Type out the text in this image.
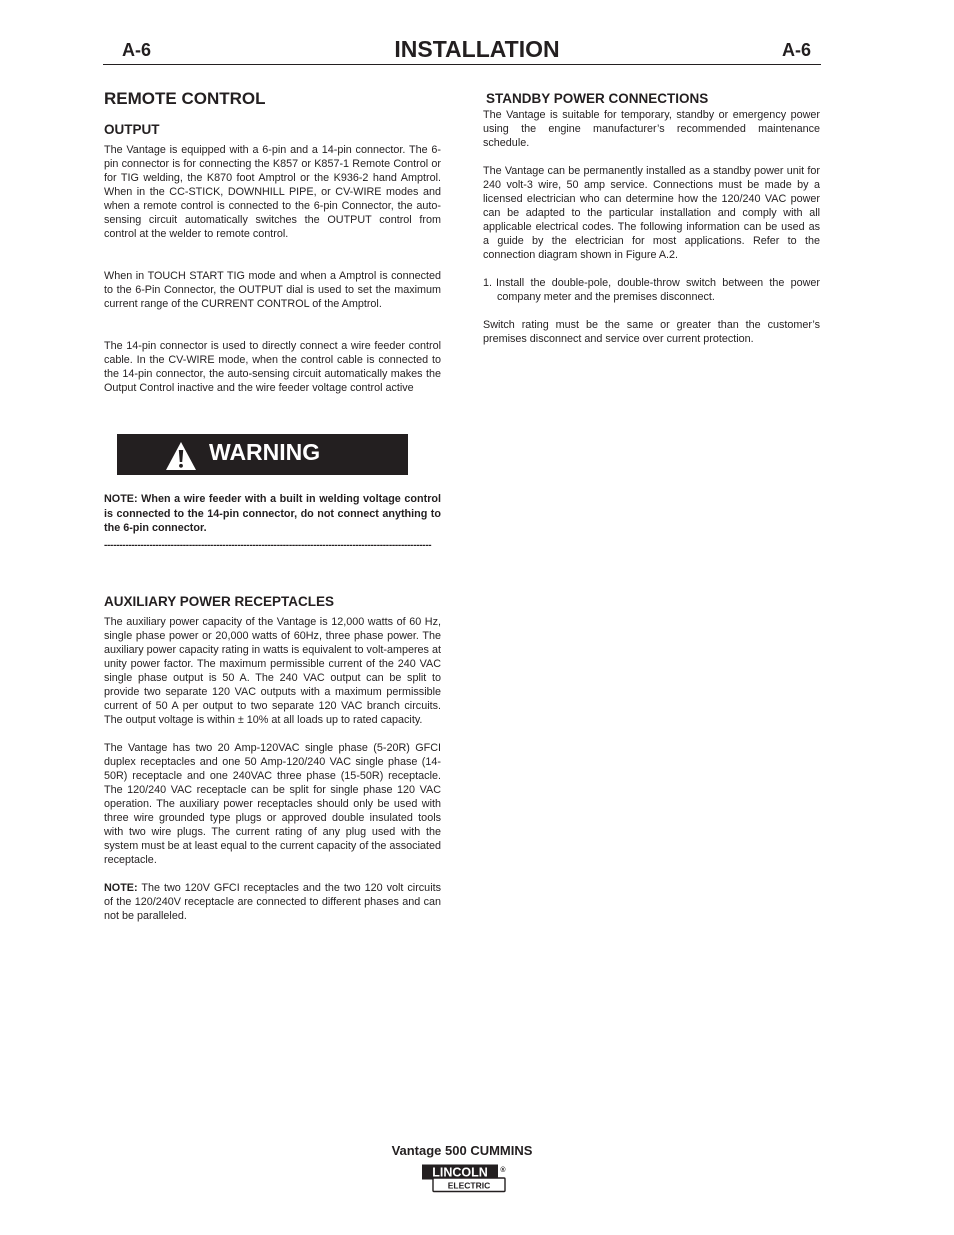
A-6	INSTALLATION	A-6
REMOTE CONTROL
OUTPUT

The Vantage is equipped with a 6-pin and a 14-pin connector. The 6-pin connector is for connecting the K857 or K857-1 Remote Control or for TIG welding, the K870 foot Amptrol or the K936-2 hand Amptrol. When in the CC-STICK, DOWNHILL PIPE, or CV-WIRE modes and when a remote control is connected to the 6-pin Connector, the auto-sensing circuit automatically switches the OUTPUT control from control at the welder to remote control.

When in TOUCH START TIG mode and when a Amptrol is connected to the 6-Pin Connector, the OUTPUT dial is used to set the maximum current range of the CURRENT CONTROL of the Amptrol.

The 14-pin connector is used to directly connect a wire feeder control cable. In the CV-WIRE mode, when the control cable is connected to the 14-pin connector, the auto-sensing circuit automatically makes the Output Control inactive and the wire feeder voltage control active

WARNING

NOTE: When a wire feeder with a built in welding voltage control is connected to the 14-pin connector, do not connect anything to the 6-pin connector.

------------------------------------------------------------------------------------------------------------
AUXILIARY POWER RECEPTACLES

The auxiliary power capacity of the Vantage is 12,000 watts of 60 Hz, single phase power or 20,000 watts of 60Hz, three phase power. The auxiliary power capacity rating in watts is equivalent to volt-amperes at unity power factor. The maximum permissible current of the 240 VAC single phase output is 50 A. The 240 VAC output can be split to provide two separate 120 VAC outputs with a maximum permissible current of 50 A per output to two separate 120 VAC branch circuits. The output voltage is within ± 10% at all loads up to rated capacity.

The Vantage has two 20 Amp-120VAC single phase (5-20R) GFCI duplex receptacles and one 50 Amp-120/240 VAC single phase (14-50R) receptacle and one 240VAC three phase (15-50R) receptacle. The 120/240 VAC receptacle can be split for single phase 120 VAC operation. The auxiliary power receptacles should only be used with three wire grounded type plugs or approved double insulated tools with two wire plugs. The current rating of any plug used with the system must be at least equal to the current capacity of the associated receptacle.

NOTE: The two 120V GFCI receptacles and the two 120 volt circuits of the 120/240V receptacle are connected to different phases and can not be paralleled.

STANDBY POWER CONNECTIONS

The Vantage is suitable for temporary, standby or emergency power using the engine manufacturer’s recommended maintenance schedule.

The Vantage can be permanently installed as a standby power unit for 240 volt-3 wire, 50 amp service. Connections must be made by a licensed electrician who can determine how the 120/240 VAC power can be adapted to the particular installation and comply with all applicable electrical codes. The following information can be used as a guide by the electrician for most applications. Refer to the connection diagram shown in Figure A.2.

1. Install the double-pole, double-throw switch between the power company meter and the premises disconnect.

Switch rating must be the same or greater than the customer’s premises disconnect and service over current protection.

Vantage 500 CUMMINS
LINCOLN ®
ELECTRIC
